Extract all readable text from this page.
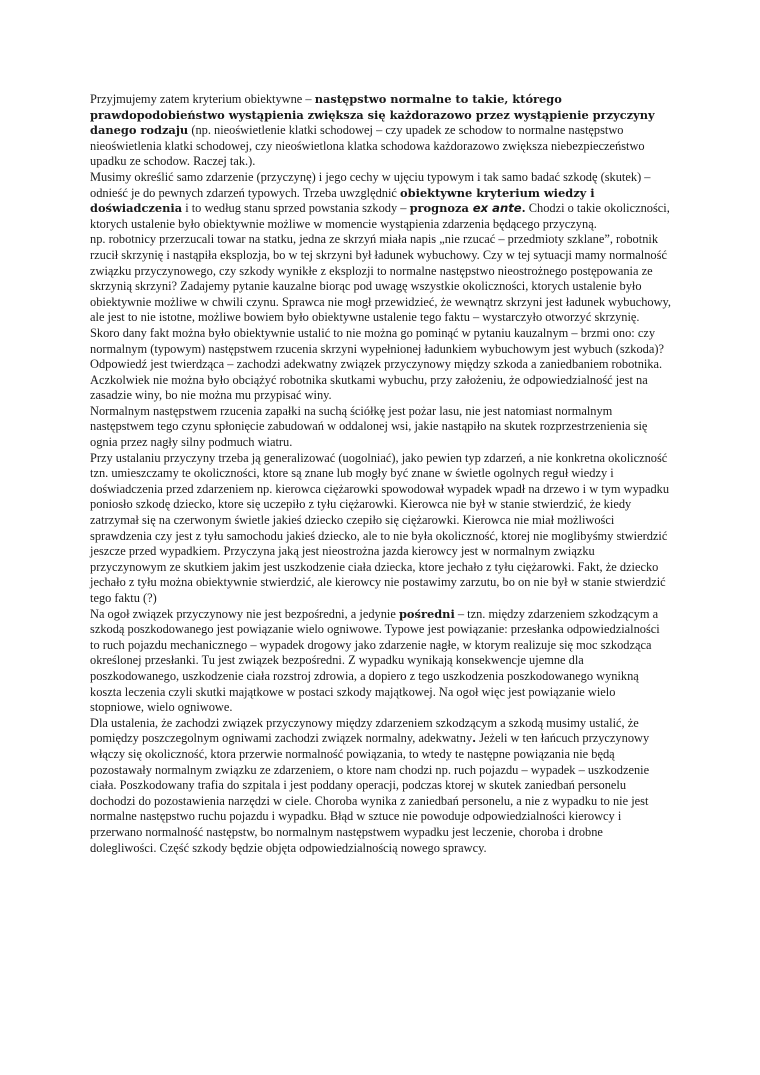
Przyjmujemy zatem kryterium obiektywne – następstwo normalne to takie, którego prawdopodobieństwo wystąpienia zwiększa się każdorazowo przez wystąpienie przyczyny danego rodzaju (np. nieoświetlenie klatki schodowej – czy upadek ze schodow to normalne następstwo nieoświetlenia klatki schodowej, czy nieoświetlona klatka schodowa każdorazowo zwiększa niebezpieczeństwo upadku ze schodow. Raczej tak.).

Musimy określić samo zdarzenie (przyczynę) i jego cechy w ujęciu typowym i tak samo badać szkodę (skutek) – odnieść je do pewnych zdarzeń typowych. Trzeba uwzględnić obiektywne kryterium wiedzy i doświadczenia i to według stanu sprzed powstania szkody – prognoza ex ante. Chodzi o takie okoliczności, ktorych ustalenie było obiektywnie możliwe w momencie wystąpienia zdarzenia będącego przyczyną.

np. robotnicy przerzucali towar na statku, jedna ze skrzyń miała napis „nie rzucać – przedmioty szklane”, robotnik rzucił skrzynię i nastąpiła eksplozja, bo w tej skrzyni był ładunek wybuchowy. Czy w tej sytuacji mamy normalność związku przyczynowego, czy szkody wynikłe z eksplozji to normalne następstwo nieostrożnego postępowania ze skrzynią skrzyni? Zadajemy pytanie kauzalne biorąc pod uwagę wszystkie okoliczności, ktorych ustalenie było obiektywnie możliwe w chwili czynu. Sprawca nie mogł przewidzieć, że wewnątrz skrzyni jest ładunek wybuchowy, ale jest to nie istotne, możliwe bowiem było obiektywne ustalenie tego faktu – wystarczyło otworzyć skrzynię. Skoro dany fakt można było obiektywnie ustalić to nie można go pominąć w pytaniu kauzalnym – brzmi ono: czy normalnym (typowym) następstwem rzucenia skrzyni wypełnionej ładunkiem wybuchowym jest wybuch (szkoda)?

Odpowiedź jest twierdząca – zachodzi adekwatny związek przyczynowy między szkoda a zaniedbaniem robotnika. Aczkolwiek nie można było obciążyć robotnika skutkami wybuchu, przy założeniu, że odpowiedzialność jest na zasadzie winy, bo nie można mu przypisać winy.

Normalnym następstwem rzucenia zapałki na suchą ściółkę jest pożar lasu, nie jest natomiast normalnym następstwem tego czynu spłonięcie zabudowań w oddalonej wsi, jakie nastąpiło na skutek rozprzestrzenienia się ognia przez nagły silny podmuch wiatru.

Przy ustalaniu przyczyny trzeba ją generalizować (uogolniać), jako pewien typ zdarzeń, a nie konkretna okoliczność tzn. umieszczamy te okoliczności, ktore są znane lub mogły być znane w świetle ogolnych reguł wiedzy i doświadczenia przed zdarzeniem np. kierowca ciężarowki spowodował wypadek wpadł na drzewo i w tym wypadku poniosło szkodę dziecko, ktore się uczepiło z tyłu ciężarowki. Kierowca nie był w stanie stwierdzić, że kiedy zatrzymał się na czerwonym świetle jakieś dziecko czepiło się ciężarowki. Kierowca nie miał możliwości sprawdzenia czy jest z tyłu samochodu jakieś dziecko, ale to nie była okoliczność, ktorej nie moglibyśmy stwierdzić jeszcze przed wypadkiem. Przyczyna jaką jest nieostrożna jazda kierowcy jest w normalnym związku przyczynowym ze skutkiem jakim jest uszkodzenie ciała dziecka, ktore jechało z tyłu ciężarowki. Fakt, że dziecko jechało z tyłu można obiektywnie stwierdzić, ale kierowcy nie postawimy zarzutu, bo on nie był w stanie stwierdzić tego faktu (?)

Na ogoł związek przyczynowy nie jest bezpośredni, a jedynie pośredni – tzn. między zdarzeniem szkodzącym a szkodą poszkodowanego jest powiązanie wielo ogniwowe. Typowe jest powiązanie: przesłanka odpowiedzialności to ruch pojazdu mechanicznego – wypadek drogowy jako zdarzenie nagłe, w ktorym realizuje się moc szkodząca określonej przesłanki. Tu jest związek bezpośredni. Z wypadku wynikają konsekwencje ujemne dla poszkodowanego, uszkodzenie ciała rozstroj zdrowia, a dopiero z tego uszkodzenia poszkodowanego wynikną koszta leczenia czyli skutki majątkowe w postaci szkody majątkowej. Na ogoł więc jest powiązanie wielo stopniowe, wielo ogniwowe.

Dla ustalenia, że zachodzi związek przyczynowy między zdarzeniem szkodzącym a szkodą musimy ustalić, że pomiędzy poszczegolnym ogniwami zachodzi związek normalny, adekwatny. Jeżeli w ten łańcuch przyczynowy włączy się okoliczność, ktora przerwie normalność powiązania, to wtedy te następne powiązania nie będą pozostawały normalnym związku ze zdarzeniem, o ktore nam chodzi np. ruch pojazdu – wypadek – uszkodzenie ciała. Poszkodowany trafia do szpitala i jest poddany operacji, podczas ktorej w skutek zaniedbań personelu dochodzi do pozostawienia narzędzi w ciele. Choroba wynika z zaniedbań personelu, a nie z wypadku to nie jest normalne następstwo ruchu pojazdu i wypadku. Błąd w sztuce nie powoduje odpowiedzialności kierowcy i przerwano normalność następstw, bo normalnym następstwem wypadku jest leczenie, choroba i drobne dolegliwości. Część szkody będzie objęta odpowiedzialnością nowego sprawcy.
